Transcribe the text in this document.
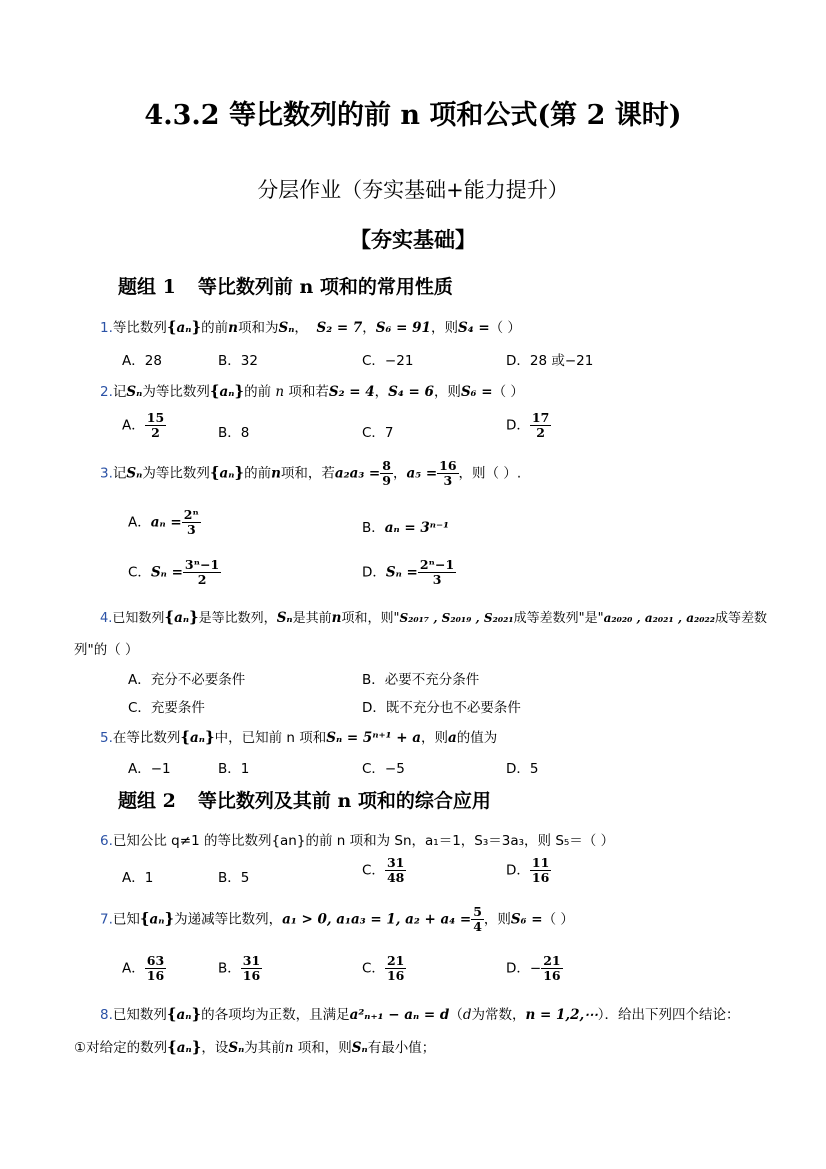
4.3.2 等比数列的前 n 项和公式(第 2 课时)
分层作业（夯实基础+能力提升）
【夯实基础】
题组 1 等比数列前 n 项和的常用性质
1.等比数列{aₙ}的前n项和为Sₙ， S₂ = 7，S₆ = 91，则S₄ =（ ）
A．28	B．32	C．−21	D．28 或−21
2.记Sₙ为等比数列{aₙ}的前 n 项和若S₂ = 4，S₄ = 6，则S₆ =（ ）
A． $\frac{15}{2}$	B．8	C．7	D． $\frac{17}{2}$
3.记Sₙ为等比数列{aₙ}的前n项和，若$a_2a_3 = \frac{8}{9}$ ，$a_5 = \frac{16}{3}$ ，则（ ）.
A．$a_n = \frac{\text{2ⁿ}}{3}$	B．aₙ = 3ⁿ⁻¹
C．$S_n = \frac{\text{3ⁿ−1}}{2}$	D．$S_n = \frac{\text{2ⁿ−1}}{3}$
4.已知数列{aₙ}是等比数列，Sₙ是其前n项和，则"S₂₀₁₇ , S₂₀₁₉ , S₂₀₂₁成等差数列"是"a₂₀₂₀ , a₂₀₂₁ , a₂₀₂₂成等差数
列"的（ ）
A．充分不必要条件	B．必要不充分条件
C．充要条件	D．既不充分也不必要条件
5.在等比数列{aₙ}中，已知前 n 项和Sₙ = 5ⁿ⁺¹ + a，则a的值为
A．−1	B．1	C．−5	D．5
题组 2 等比数列及其前 n 项和的综合应用
6.已知公比 q≠1 的等比数列{an}的前 n 项和为 Sn，a₁＝1，S₃＝3a₃，则 S₅＝（ ）
A．1	B．5	C． $\frac{31}{48}$	D． $\frac{11}{16}$
7.已知{aₙ}为递减等比数列，a₁ > 0, a₁a₃ = 1, $a_2 + a_4 = \frac{5}{4}$ ，则S₆ =（ ）
A． $\frac{63}{16}$	B． $\frac{31}{16}$	C． $\frac{21}{16}$	D．− $\frac{21}{16}$
8.已知数列{aₙ}的各项均为正数，且满足a²ₙ₊₁ − aₙ = d（d为常数，n = 1,2,⋯）．给出下列四个结论：
①对给定的数列{aₙ}，设Sₙ为其前n 项和，则Sₙ有最小值；
